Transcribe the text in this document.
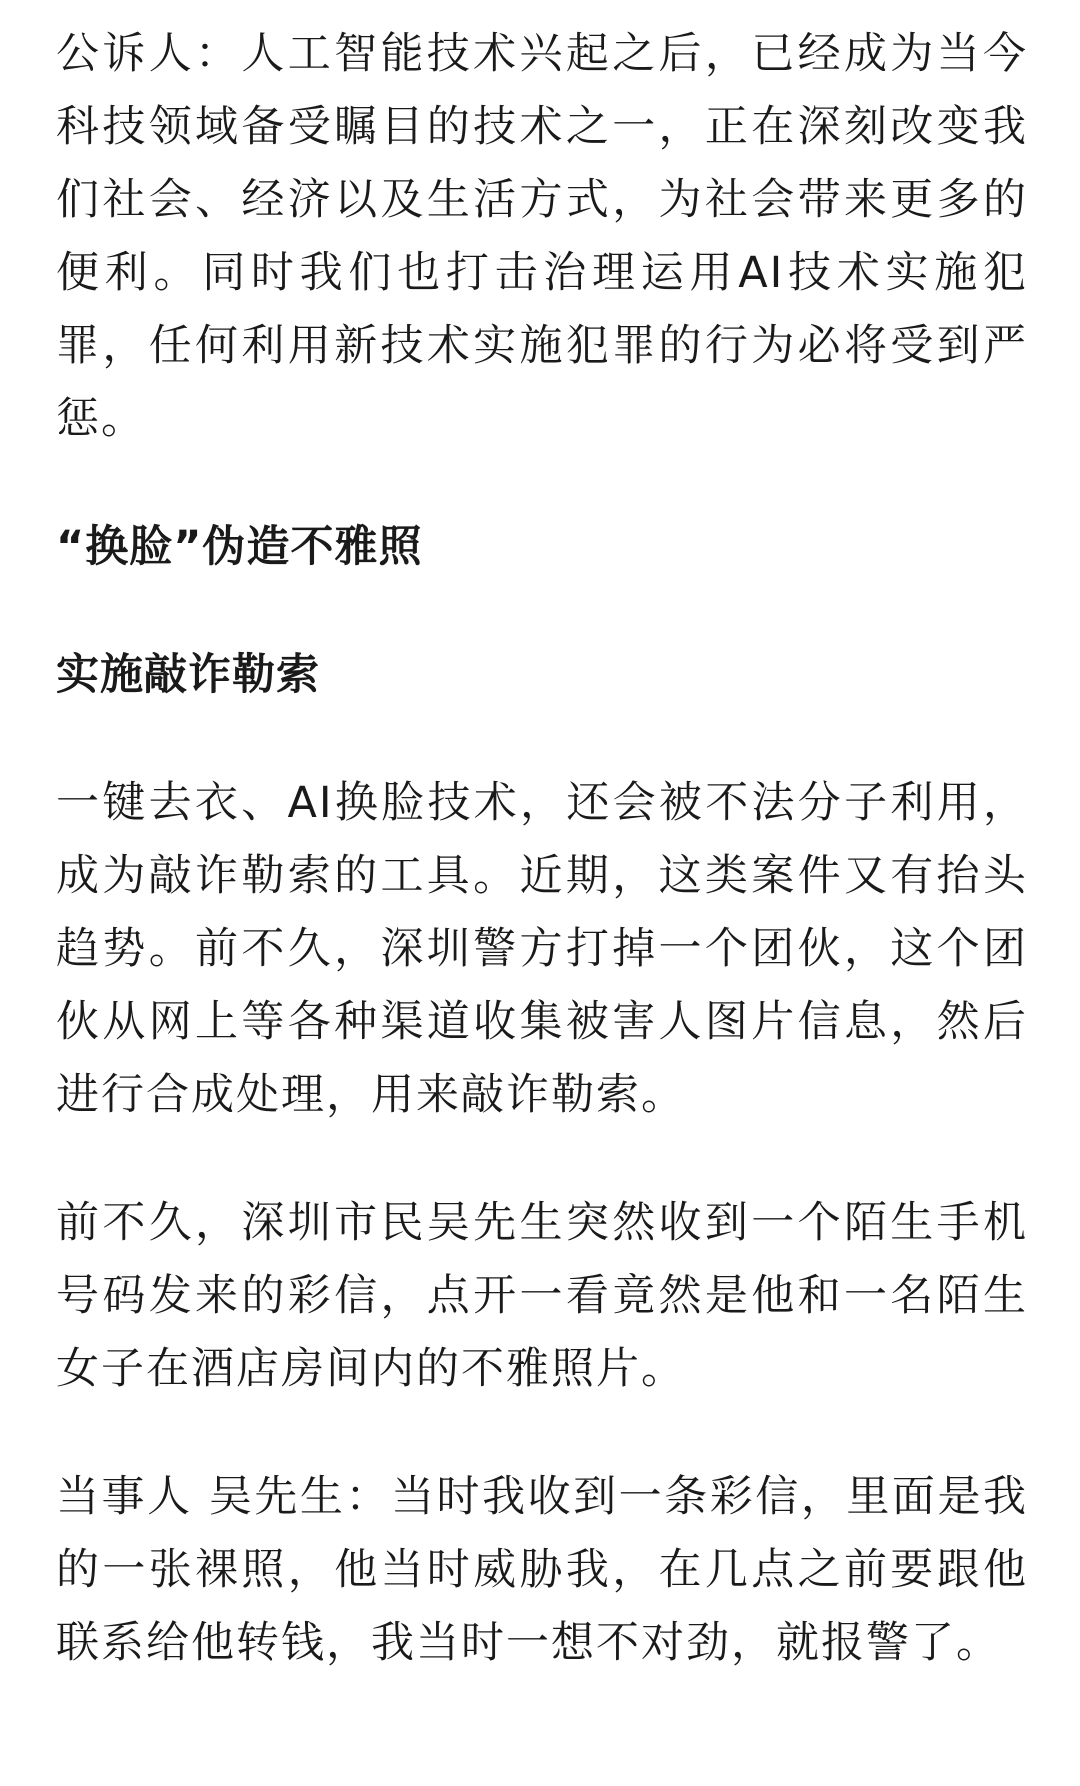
公诉人：人工智能技术兴起之后，已经成为当今科技领域备受瞩目的技术之一，正在深刻改变我们社会、经济以及生活方式，为社会带来更多的便利。同时我们也打击治理运用AI技术实施犯罪，任何利用新技术实施犯罪的行为必将受到严惩。

“换脸”伪造不雅照
实施敲诈勒索

一键去衣、AI换脸技术，还会被不法分子利用，成为敲诈勒索的工具。近期，这类案件又有抬头趋势。前不久，深圳警方打掉一个团伙，这个团伙从网上等各种渠道收集被害人图片信息，然后进行合成处理，用来敲诈勒索。

前不久，深圳市民吴先生突然收到一个陌生手机号码发来的彩信，点开一看竟然是他和一名陌生女子在酒店房间内的不雅照片。

当事人 吴先生：当时我收到一条彩信，里面是我的一张裸照，他当时威胁我，在几点之前要跟他联系给他转钱，我当时一想不对劲，就报警了。
